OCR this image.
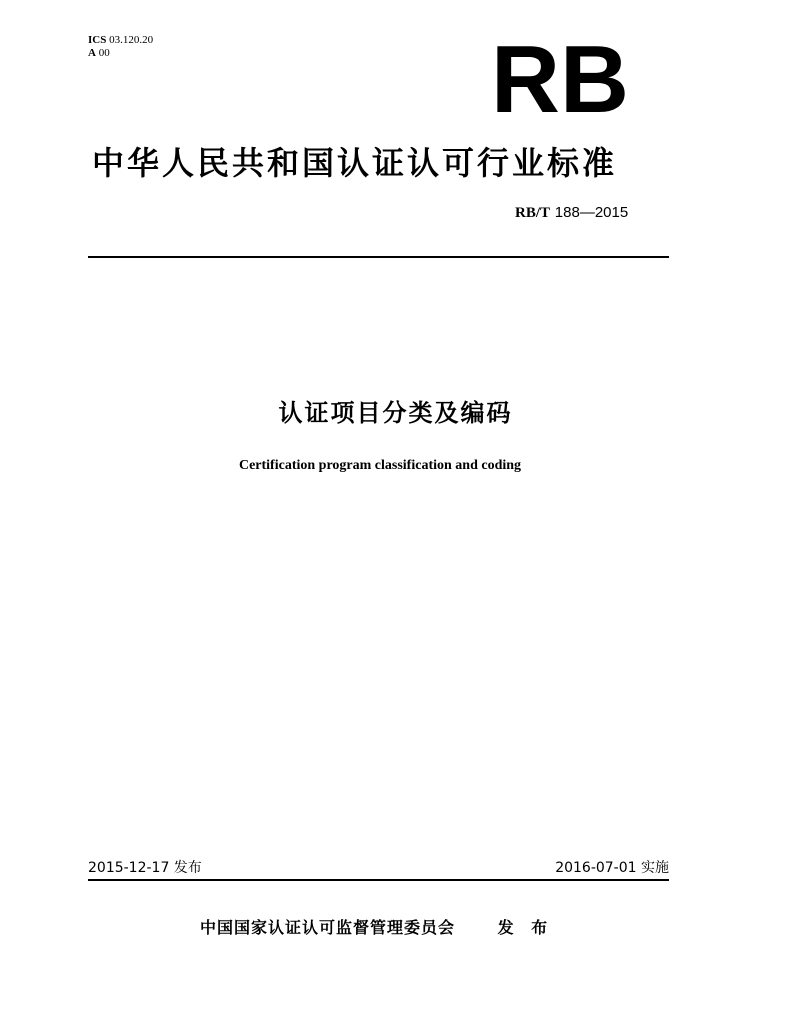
ICS 03.120.20
A 00	RB
中华人民共和国认证认可行业标准
RB/T 188—2015
认证项目分类及编码
Certification program classification and coding
2015-12-17 发布	2016-07-01 实施
中国国家认证认可监督管理委员会	发 布
